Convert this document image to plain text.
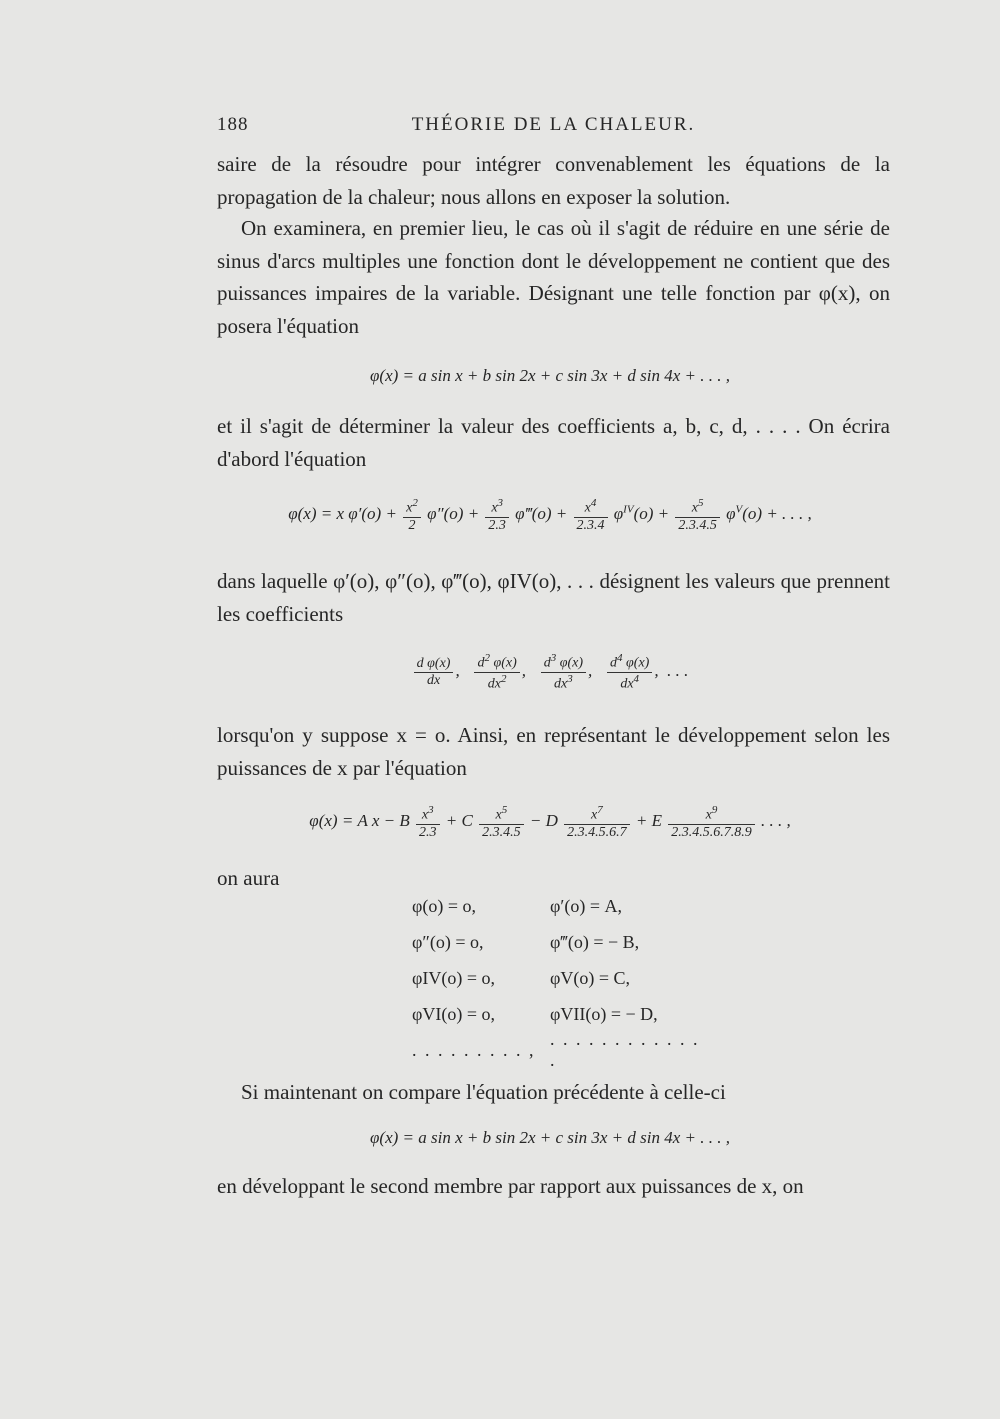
188	THÉORIE DE LA CHALEUR.

saire de la résoudre pour intégrer convenablement les équations de la propagation de la chaleur; nous allons en exposer la solution.

On examinera, en premier lieu, le cas où il s'agit de réduire en une série de sinus d'arcs multiples une fonction dont le développement ne contient que des puissances impaires de la variable. Désignant une telle fonction par φ(x), on posera l'équation

φ(x) = a sin x + b sin 2x + c sin 3x + d sin 4x + . . . ,

et il s'agit de déterminer la valeur des coefficients a, b, c, d, . . . . On écrira d'abord l'équation

φ(x) = x $\varphi'(o) + \frac{x^2}{2} \varphi''(o) + \frac{x^3}{2.3}$ φ‴(o) + $\frac{x^4}{2.3.4} \varphi^{IV}(o) + \frac{x^5}{2.3.4.5} \varphi^V(o)$ + . . . ,

dans laquelle φ′(o), φ″(o), φ‴(o), φIV(o), . . . désignent les valeurs que prennent les coefficients

$\frac{\text{d φ(x)}}{dx}$ , $\frac{d^2 \varphi(x)}{dx^2}$ , $\frac{d^3 \varphi(x)}{dx^3}$ , $\frac{d^4 \varphi(x)}{dx^4}$ ,  . . .

lorsqu'on y suppose x = o. Ainsi, en représentant le développement selon les puissances de x par l'équation

φ(x) = A x − B $\frac{x^3}{2.3} + C \frac{x^5}{2.3.4.5} - D \frac{x^7}{2.3.4.5.6.7} + E \frac{x^9}{2.3.4.5.6.7.8.9}$ . . . ,

on aura

φ(o) = o,	φ′(o) = A,
φ″(o) = o,	φ‴(o) = − B,
φIV(o) = o,	φV(o) = C,
φVI(o) = o,	φVII(o) = − D,
. . . . . . . . . ,
. . . . . . . . . . . . .

Si maintenant on compare l'équation précédente à celle-ci

φ(x) = a sin x + b sin 2x + c sin 3x + d sin 4x + . . . ,

en développant le second membre par rapport aux puissances de x, on
